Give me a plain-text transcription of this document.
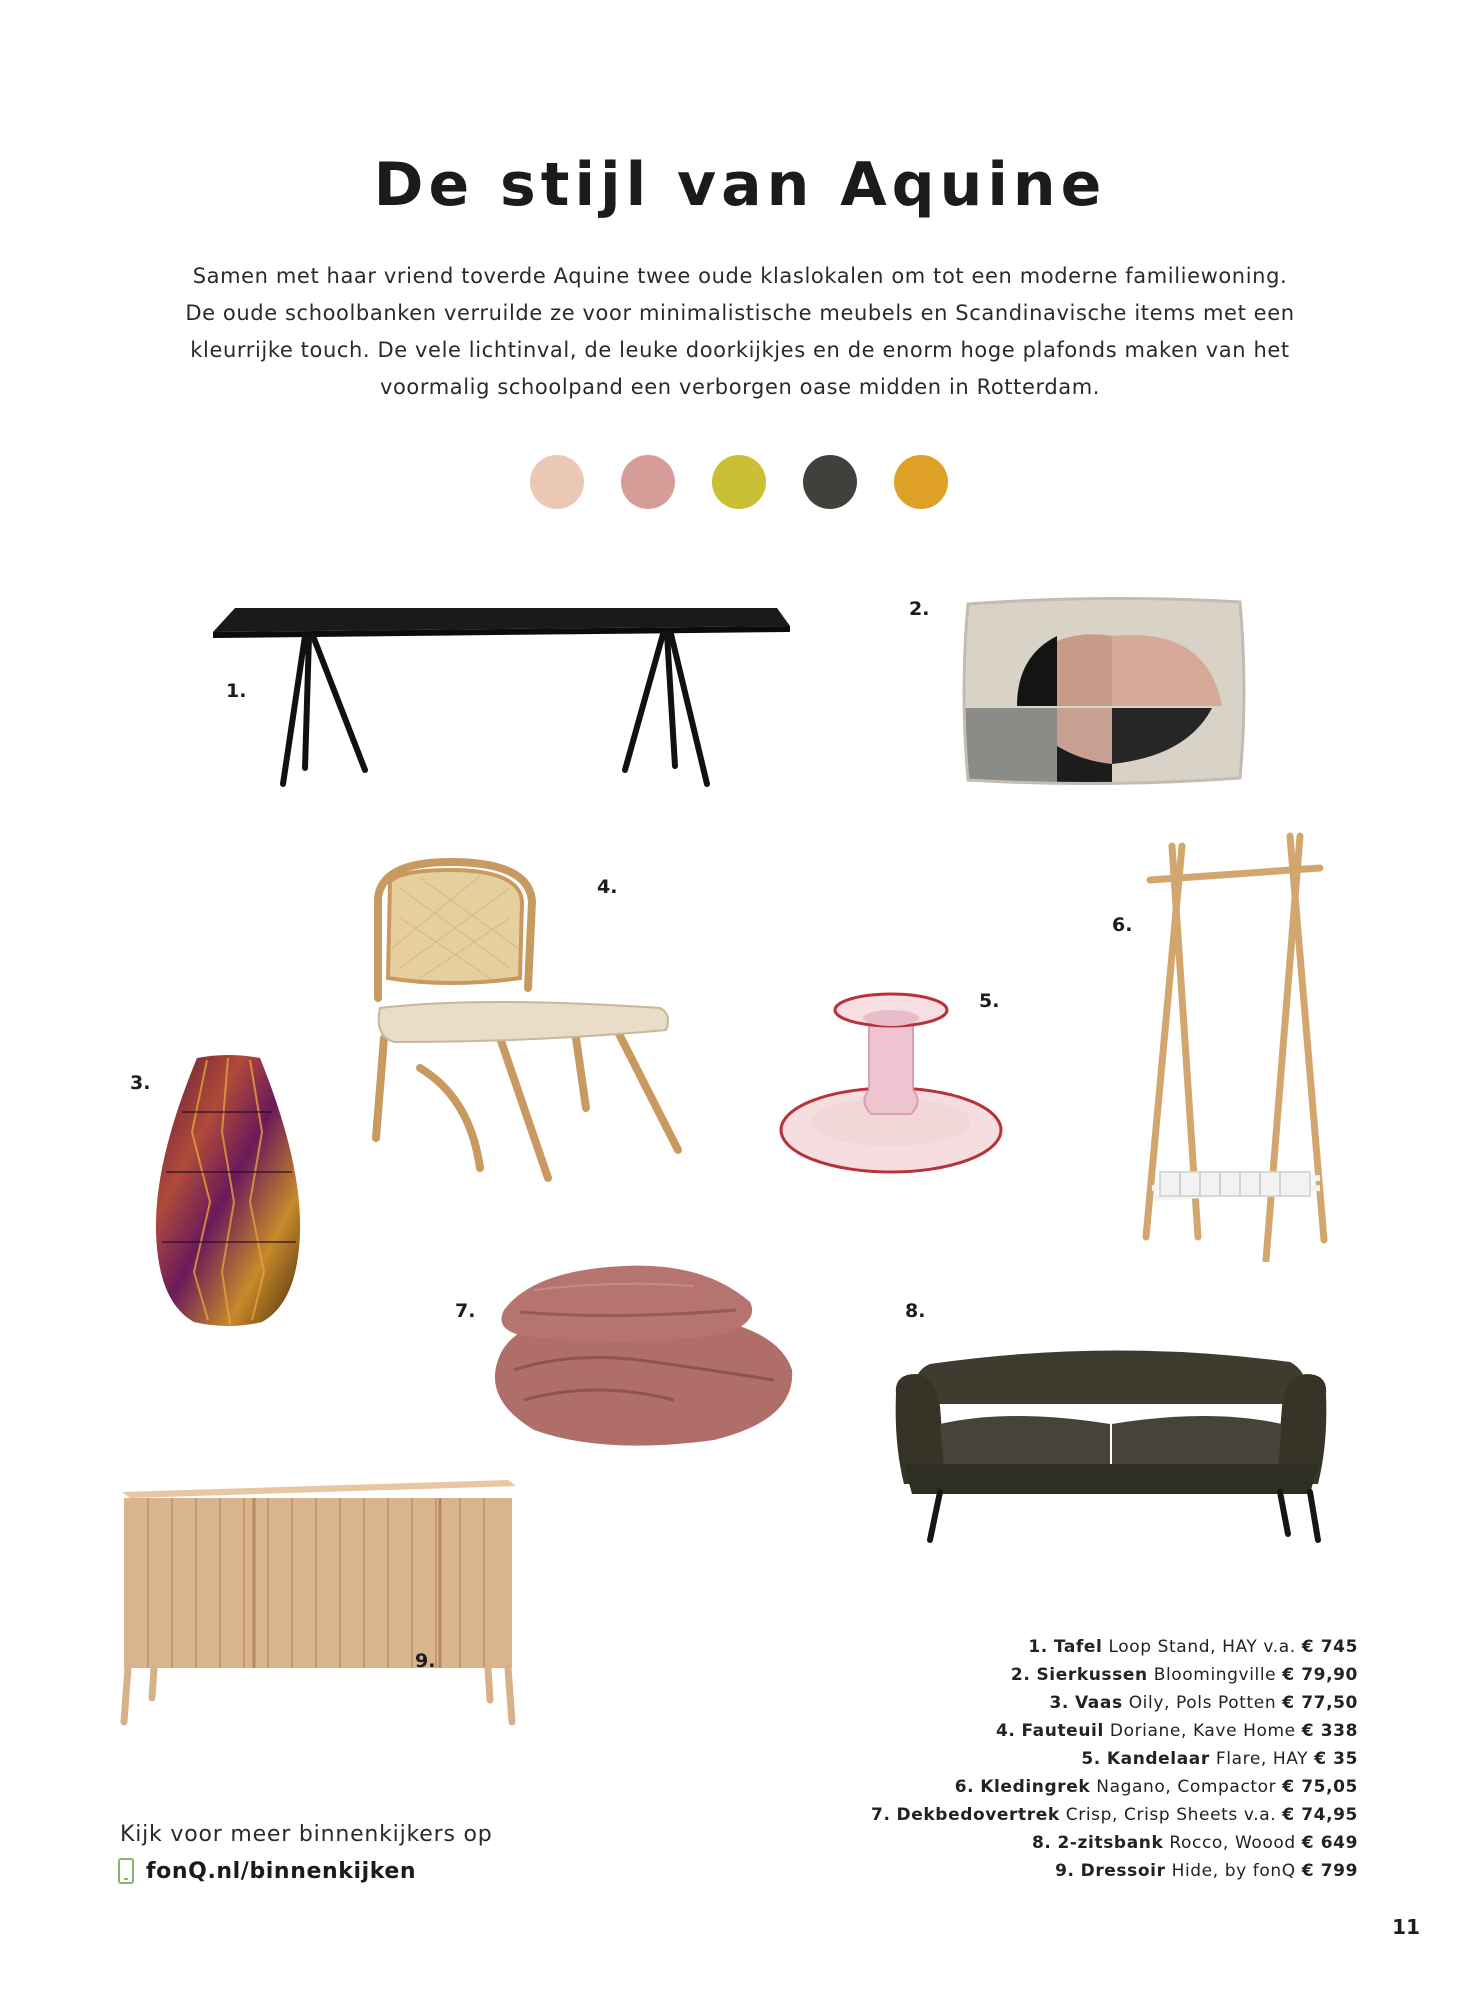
De stijl van Aquine
Samen met haar vriend toverde Aquine twee oude klaslokalen om tot een moderne familiewoning.
De oude schoolbanken verruilde ze voor minimalistische meubels en Scandinavische items met een
kleurrijke touch. De vele lichtinval, de leuke doorkijkjes en de enorm hoge plafonds maken van het
voormalig schoolpand een verborgen oase midden in Rotterdam.
1.
2.
3.
4.
5.
6.
7.	8.
9.
1. Tafel Loop Stand, HAY v.a. € 745
2. Sierkussen Bloomingville € 79,90
3. Vaas Oily, Pols Potten € 77,50
4. Fauteuil Doriane, Kave Home € 338
5. Kandelaar Flare, HAY € 35
6. Kledingrek Nagano, Compactor € 75,05
7. Dekbedovertrek Crisp, Crisp Sheets v.a. € 74,95
8. 2-zitsbank Rocco, Woood € 649
9. Dressoir Hide, by fonQ € 799
Kijk voor meer binnenkijkers op
fonQ.nl/binnenkijken
11
